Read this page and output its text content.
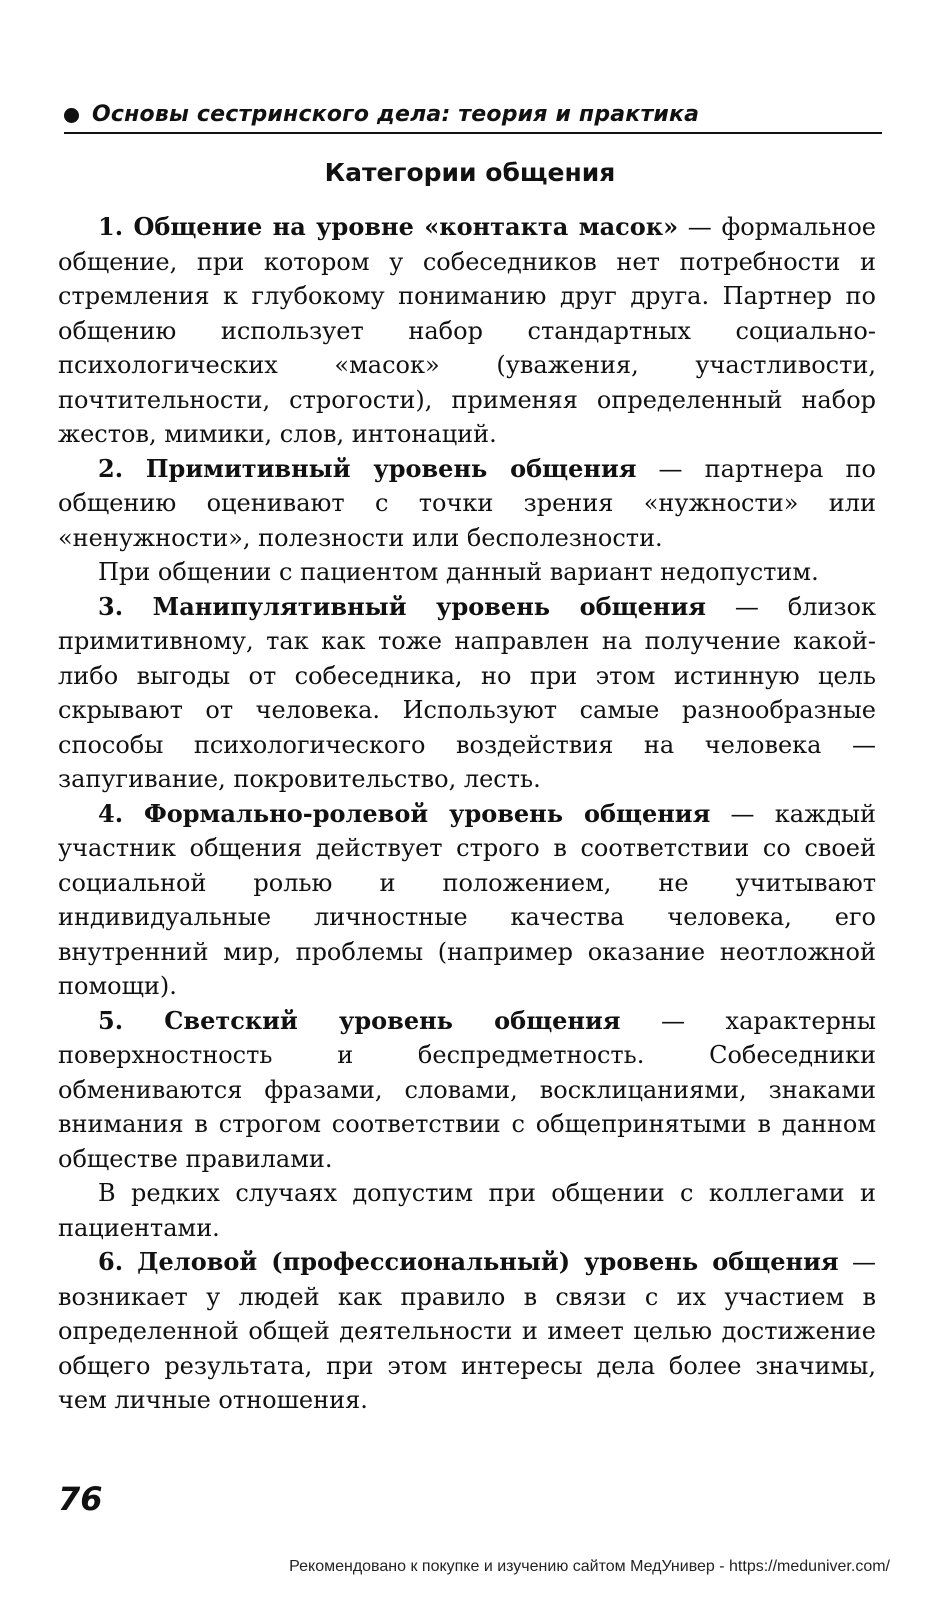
Основы сестринского дела: теория и практика
Категории общения

1. Общение на уровне «контакта масок» — формальное общение, при котором у собеседников нет потребности и стремления к глубокому пониманию друг друга. Партнер по общению использует набор стандартных социально-психологических «масок» (уважения, участливости, почтительности, строгости), применяя определенный набор жестов, мимики, слов, интонаций.

2. Примитивный уровень общения — партнера по общению оценивают с точки зрения «нужности» или «ненужности», полезности или бесполезности.

При общении с пациентом данный вариант недопустим.

3. Манипулятивный уровень общения — близок примитивному, так как тоже направлен на получение какой-либо выгоды от собеседника, но при этом истинную цель скрывают от человека. Используют самые разнообразные способы психологического воздействия на человека — запугивание, покровительство, лесть.

4. Формально-ролевой уровень общения — каждый участник общения действует строго в соответствии со своей социальной ролью и положением, не учитывают индивидуальные личностные качества человека, его внутренний мир, проблемы (например оказание неотложной помощи).

5. Светский уровень общения — характерны поверхностность и беспредметность. Собеседники обмениваются фразами, словами, восклицаниями, знаками внимания в строгом соответствии с общепринятыми в данном обществе правилами.

В редких случаях допустим при общении с коллегами и пациентами.

6. Деловой (профессиональный) уровень общения — возникает у людей как правило в связи с их участием в определенной общей деятельности и имеет целью достижение общего результата, при этом интересы дела более значимы, чем личные отношения.

76
Рекомендовано к покупке и изучению сайтом МедУнивер - https://meduniver.com/
